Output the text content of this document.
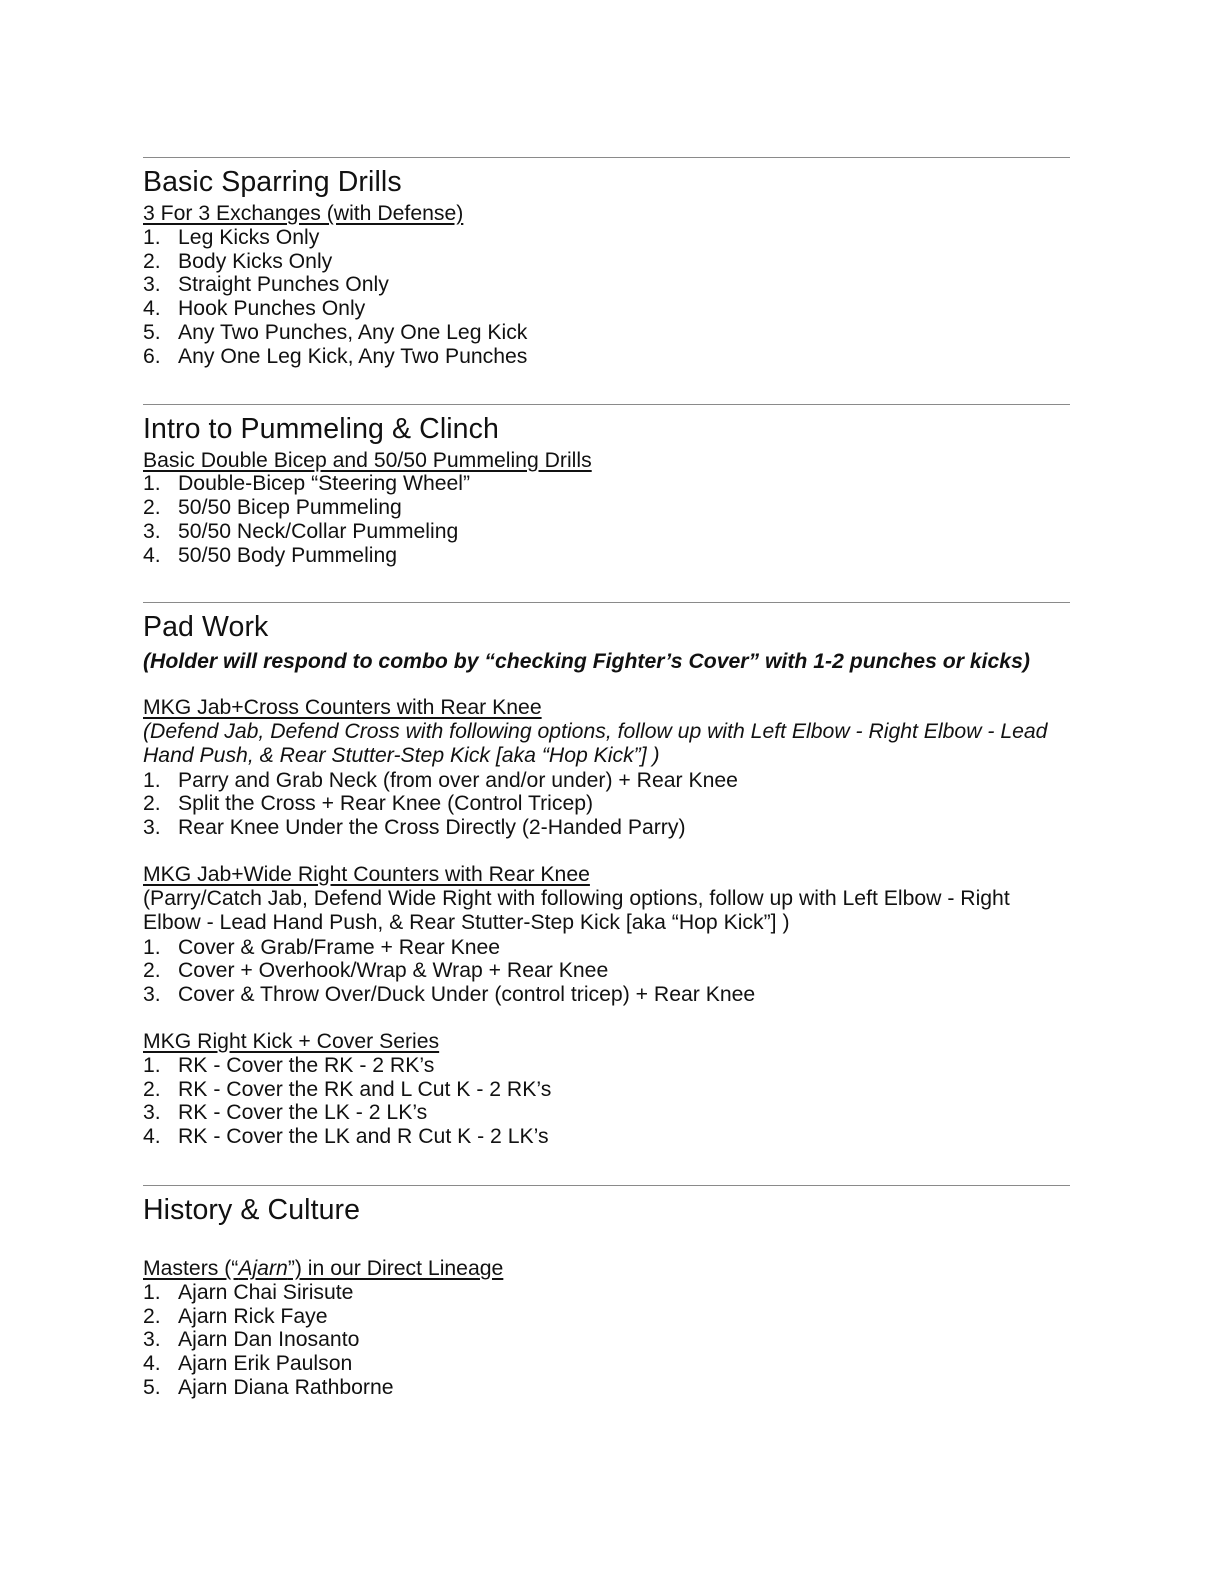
Basic Sparring Drills
3 For 3 Exchanges (with Defense)
1. Leg Kicks Only
2. Body Kicks Only
3. Straight Punches Only
4. Hook Punches Only
5. Any Two Punches, Any One Leg Kick
6. Any One Leg Kick, Any Two Punches
Intro to Pummeling & Clinch
Basic Double Bicep and 50/50 Pummeling Drills
1. Double-Bicep “Steering Wheel”
2. 50/50 Bicep Pummeling
3. 50/50 Neck/Collar Pummeling
4. 50/50 Body Pummeling
Pad Work
(Holder will respond to combo by “checking Fighter’s Cover” with 1-2 punches or kicks)
MKG Jab+Cross Counters with Rear Knee
(Defend Jab, Defend Cross with following options, follow up with Left Elbow - Right Elbow - Lead Hand Push, & Rear Stutter-Step Kick [aka “Hop Kick”] )
1. Parry and Grab Neck (from over and/or under) + Rear Knee
2. Split the Cross + Rear Knee (Control Tricep)
3. Rear Knee Under the Cross Directly (2-Handed Parry)
MKG Jab+Wide Right Counters with Rear Knee
(Parry/Catch Jab, Defend Wide Right with following options, follow up with Left Elbow - Right Elbow - Lead Hand Push, & Rear Stutter-Step Kick [aka “Hop Kick”] )
1. Cover & Grab/Frame + Rear Knee
2. Cover + Overhook/Wrap & Wrap + Rear Knee
3. Cover & Throw Over/Duck Under (control tricep) + Rear Knee
MKG Right Kick + Cover Series
1. RK - Cover the RK - 2 RK’s
2. RK - Cover the RK and L Cut K - 2 RK’s
3. RK - Cover the LK - 2 LK’s
4. RK - Cover the LK and R Cut K - 2 LK’s
History & Culture
Masters (“Ajarn”) in our Direct Lineage
1. Ajarn Chai Sirisute
2. Ajarn Rick Faye
3. Ajarn Dan Inosanto
4. Ajarn Erik Paulson
5. Ajarn Diana Rathborne
